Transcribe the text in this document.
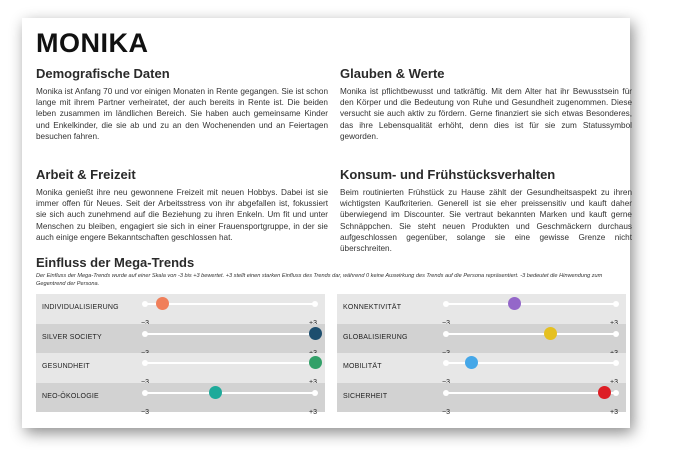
MONIKA
Demografische Daten

Monika ist Anfang 70 und vor einigen Monaten in Rente gegangen. Sie ist schon lange mit ihrem Partner verheiratet, der auch bereits in Rente ist. Die beiden leben zusammen im ländlichen Bereich. Sie haben auch gemeinsame Kinder und Enkelkinder, die sie ab und zu an den Wochenenden und an Feiertagen besuchen fahren.

Glauben & Werte

Monika ist pflichtbewusst und tatkräftig. Mit dem Alter hat ihr Bewusstsein für den Körper und die Bedeutung von Ruhe und Gesundheit zugenommen. Diese versucht sie auch aktiv zu fördern. Gerne finanziert sie sich etwas Besonderes, das ihre Lebensqualität erhöht, denn dies ist für sie zum Statussymbol geworden.

Arbeit & Freizeit

Monika genießt ihre neu gewonnene Freizeit mit neuen Hobbys. Dabei ist sie immer offen für Neues. Seit der Arbeitsstress von ihr abgefallen ist, fokussiert sie sich auch zunehmend auf die Beziehung zu ihren Enkeln. Um fit und unter Menschen zu bleiben, engagiert sie sich in einer Frauensportgruppe, in der sie auch einige engere Bekanntschaften geschlossen hat.

Konsum- und Frühstücksverhalten

Beim routinierten Frühstück zu Hause zählt der Gesundheitsaspekt zu ihren wichtigsten Kaufkriterien. Generell ist sie eher preissensitiv und kauft daher überwiegend im Discounter. Sie vertraut bekannten Marken und kauft gerne Schnäppchen. Sie steht neuen Produkten und Geschmäckern durchaus aufgeschlossen gegenüber, solange sie eine gewisse Grenze nicht überschreiten.

Einfluss der Mega-Trends

Der Einfluss der Mega-Trends wurde auf einer Skala von -3 bis +3 bewertet. +3 stellt einen starken Einfluss des Trends dar, während 0 keine Auswirkung des Trends auf die Persona repräsentiert. -3 bedeutet die Hinwendung zum Gegentrend der Persona.

INDIVIDUALISIERUNG
SILVER SOCIETY
GESUNDHEIT
NEO-ÖKOLOGIE
−3	+3
KONNEKTIVITÄT
GLOBALISIERUNG
MOBILITÄT
SICHERHEIT
−3	+3
